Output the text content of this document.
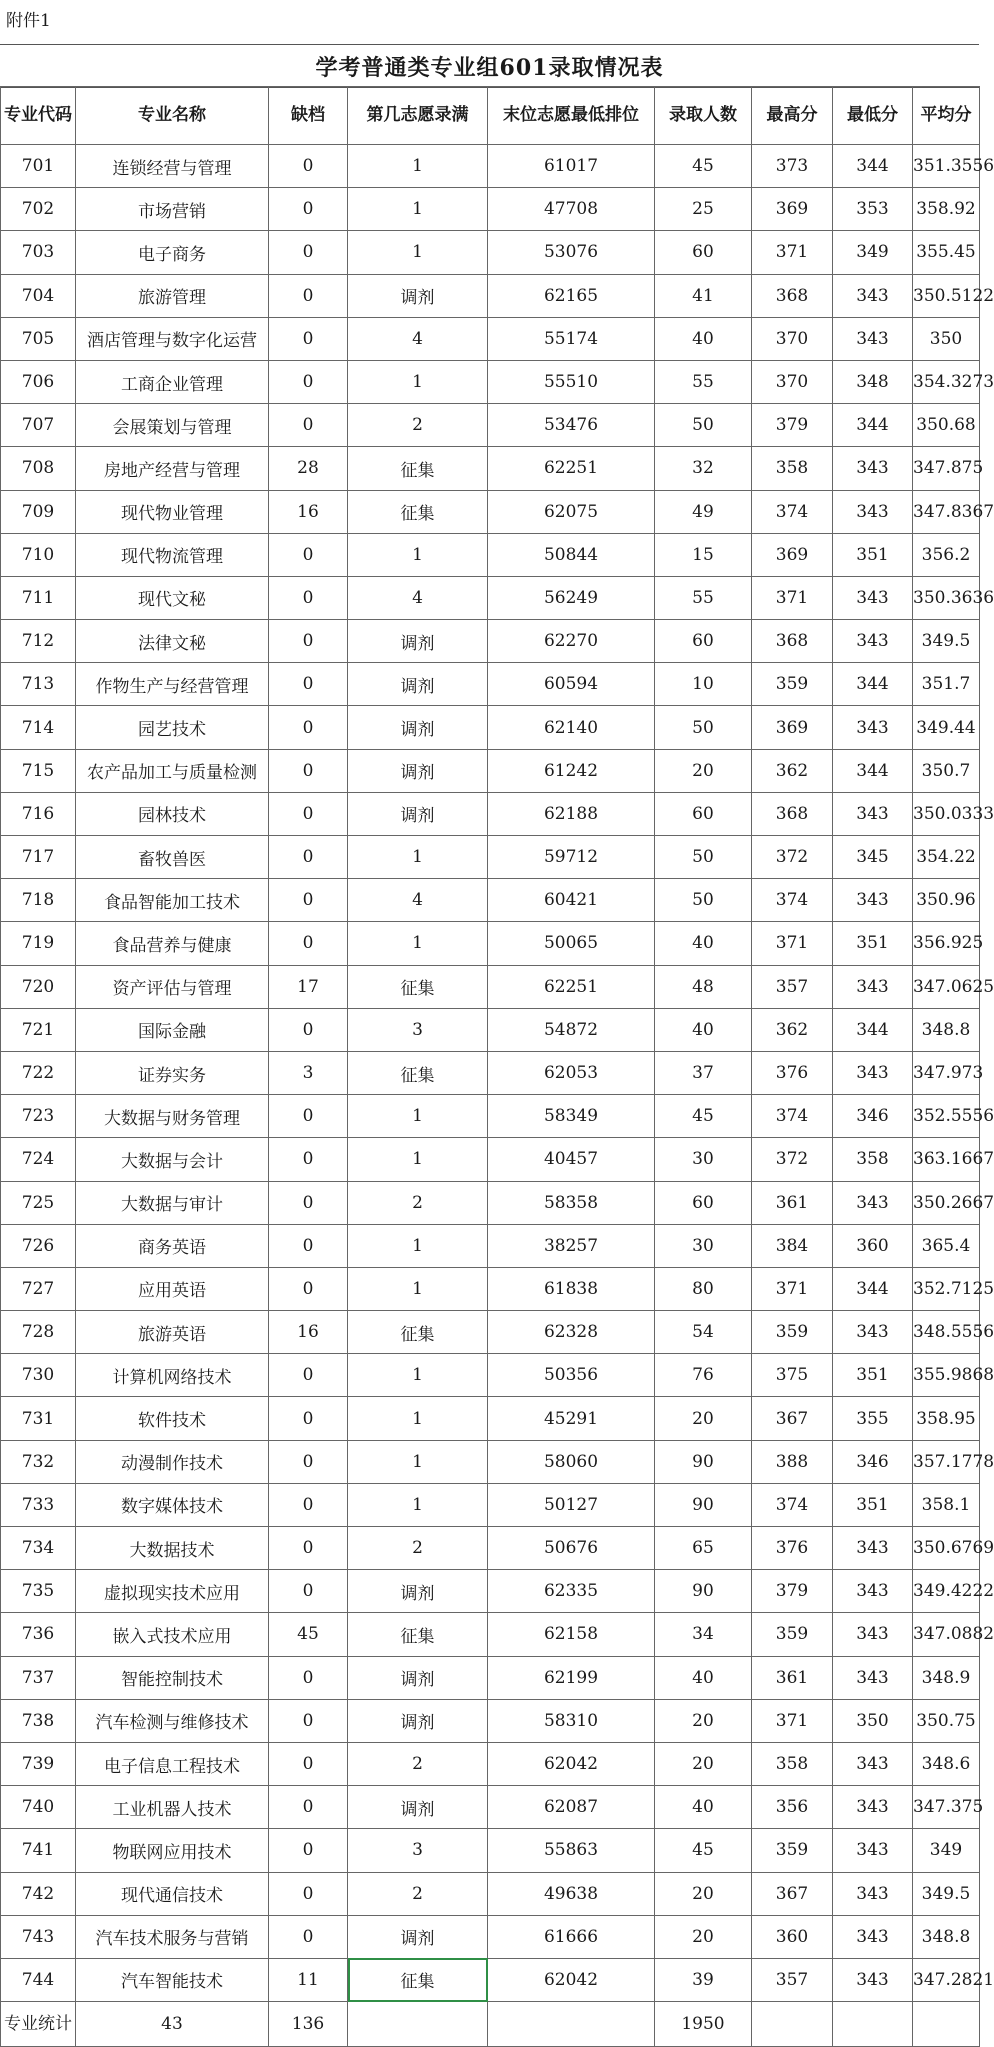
附件1
学考普通类专业组601录取情况表
专业代码	专业名称	缺档	第几志愿录满	末位志愿最低排位	录取人数	最高分	最低分	平均分
701	连锁经营与管理	0	1	61017	45	373	344	351.3556
702	市场营销	0	1	47708	25	369	353	358.92
703	电子商务	0	1	53076	60	371	349	355.45
704	旅游管理	0	调剂	62165	41	368	343	350.5122
705	酒店管理与数字化运营	0	4	55174	40	370	343	350
706	工商企业管理	0	1	55510	55	370	348	354.3273
707	会展策划与管理	0	2	53476	50	379	344	350.68
708	房地产经营与管理	28	征集	62251	32	358	343	347.875
709	现代物业管理	16	征集	62075	49	374	343	347.8367
710	现代物流管理	0	1	50844	15	369	351	356.2
711	现代文秘	0	4	56249	55	371	343	350.3636
712	法律文秘	0	调剂	62270	60	368	343	349.5
713	作物生产与经营管理	0	调剂	60594	10	359	344	351.7
714	园艺技术	0	调剂	62140	50	369	343	349.44
715	农产品加工与质量检测	0	调剂	61242	20	362	344	350.7
716	园林技术	0	调剂	62188	60	368	343	350.0333
717	畜牧兽医	0	1	59712	50	372	345	354.22
718	食品智能加工技术	0	4	60421	50	374	343	350.96
719	食品营养与健康	0	1	50065	40	371	351	356.925
720	资产评估与管理	17	征集	62251	48	357	343	347.0625
721	国际金融	0	3	54872	40	362	344	348.8
722	证券实务	3	征集	62053	37	376	343	347.973
723	大数据与财务管理	0	1	58349	45	374	346	352.5556
724	大数据与会计	0	1	40457	30	372	358	363.1667
725	大数据与审计	0	2	58358	60	361	343	350.2667
726	商务英语	0	1	38257	30	384	360	365.4
727	应用英语	0	1	61838	80	371	344	352.7125
728	旅游英语	16	征集	62328	54	359	343	348.5556
730	计算机网络技术	0	1	50356	76	375	351	355.9868
731	软件技术	0	1	45291	20	367	355	358.95
732	动漫制作技术	0	1	58060	90	388	346	357.1778
733	数字媒体技术	0	1	50127	90	374	351	358.1
734	大数据技术	0	2	50676	65	376	343	350.6769
735	虚拟现实技术应用	0	调剂	62335	90	379	343	349.4222
736	嵌入式技术应用	45	征集	62158	34	359	343	347.0882
737	智能控制技术	0	调剂	62199	40	361	343	348.9
738	汽车检测与维修技术	0	调剂	58310	20	371	350	350.75
739	电子信息工程技术	0	2	62042	20	358	343	348.6
740	工业机器人技术	0	调剂	62087	40	356	343	347.375
741	物联网应用技术	0	3	55863	45	359	343	349
742	现代通信技术	0	2	49638	20	367	343	349.5
743	汽车技术服务与营销	0	调剂	61666	20	360	343	348.8
744	汽车智能技术	11	征集	62042	39	357	343	347.2821
专业统计	43	136			1950			
